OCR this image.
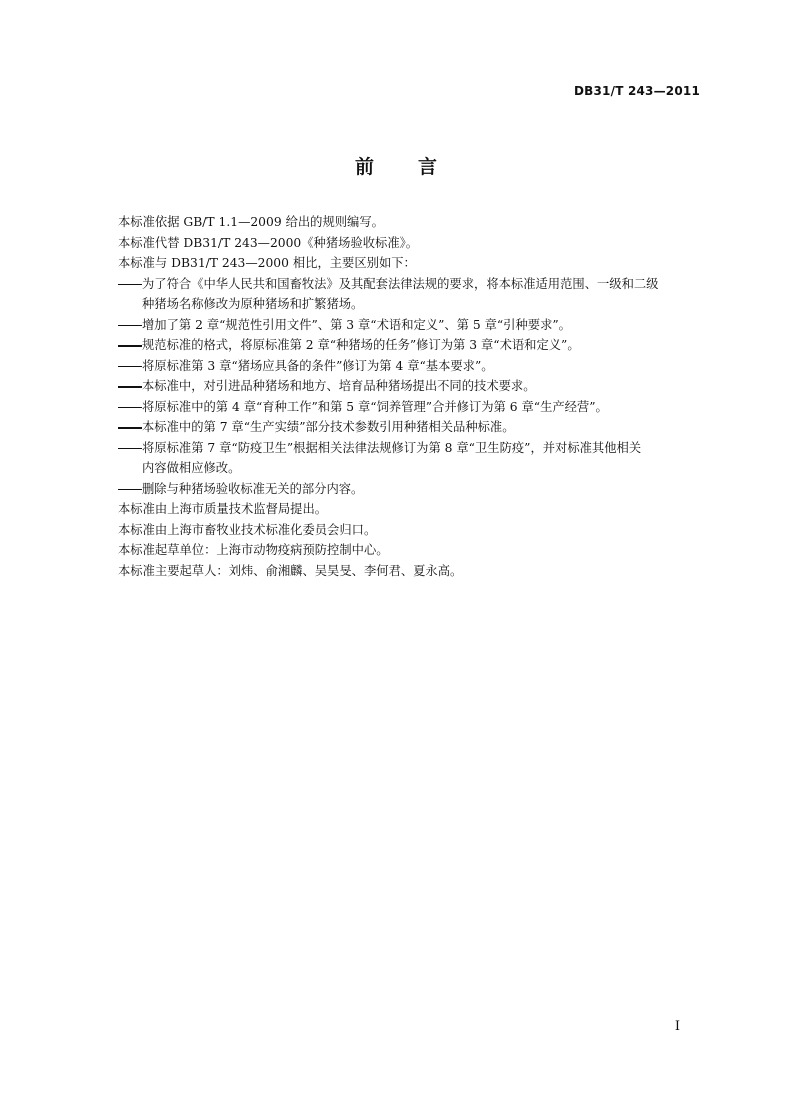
DB31/T 243—2011
前 言

本标准依据 GB/T 1.1—2009 给出的规则编写。

本标准代替 DB31/T 243—2000《种猪场验收标准》。

本标准与 DB31/T 243—2000 相比，主要区别如下：

为了符合《中华人民共和国畜牧法》及其配套法律法规的要求，将本标准适用范围、一级和二级
种猪场名称修改为原种猪场和扩繁猪场。
增加了第 2 章“规范性引用文件”、第 3 章“术语和定义”、第 5 章“引种要求”。
规范标准的格式，将原标准第 2 章“种猪场的任务”修订为第 3 章“术语和定义”。
将原标准第 3 章“猪场应具备的条件”修订为第 4 章“基本要求”。
本标准中，对引进品种猪场和地方、培育品种猪场提出不同的技术要求。
将原标准中的第 4 章“育种工作”和第 5 章“饲养管理”合并修订为第 6 章“生产经营”。
本标准中的第 7 章“生产实绩”部分技术参数引用种猪相关品种标准。
将原标准第 7 章“防疫卫生”根据相关法律法规修订为第 8 章“卫生防疫”，并对标准其他相关
内容做相应修改。
删除与种猪场验收标准无关的部分内容。

本标准由上海市质量技术监督局提出。

本标准由上海市畜牧业技术标准化委员会归口。

本标准起草单位：上海市动物疫病预防控制中心。

本标准主要起草人：刘炜、俞湘麟、吴昊旻、李何君、夏永高。

I
